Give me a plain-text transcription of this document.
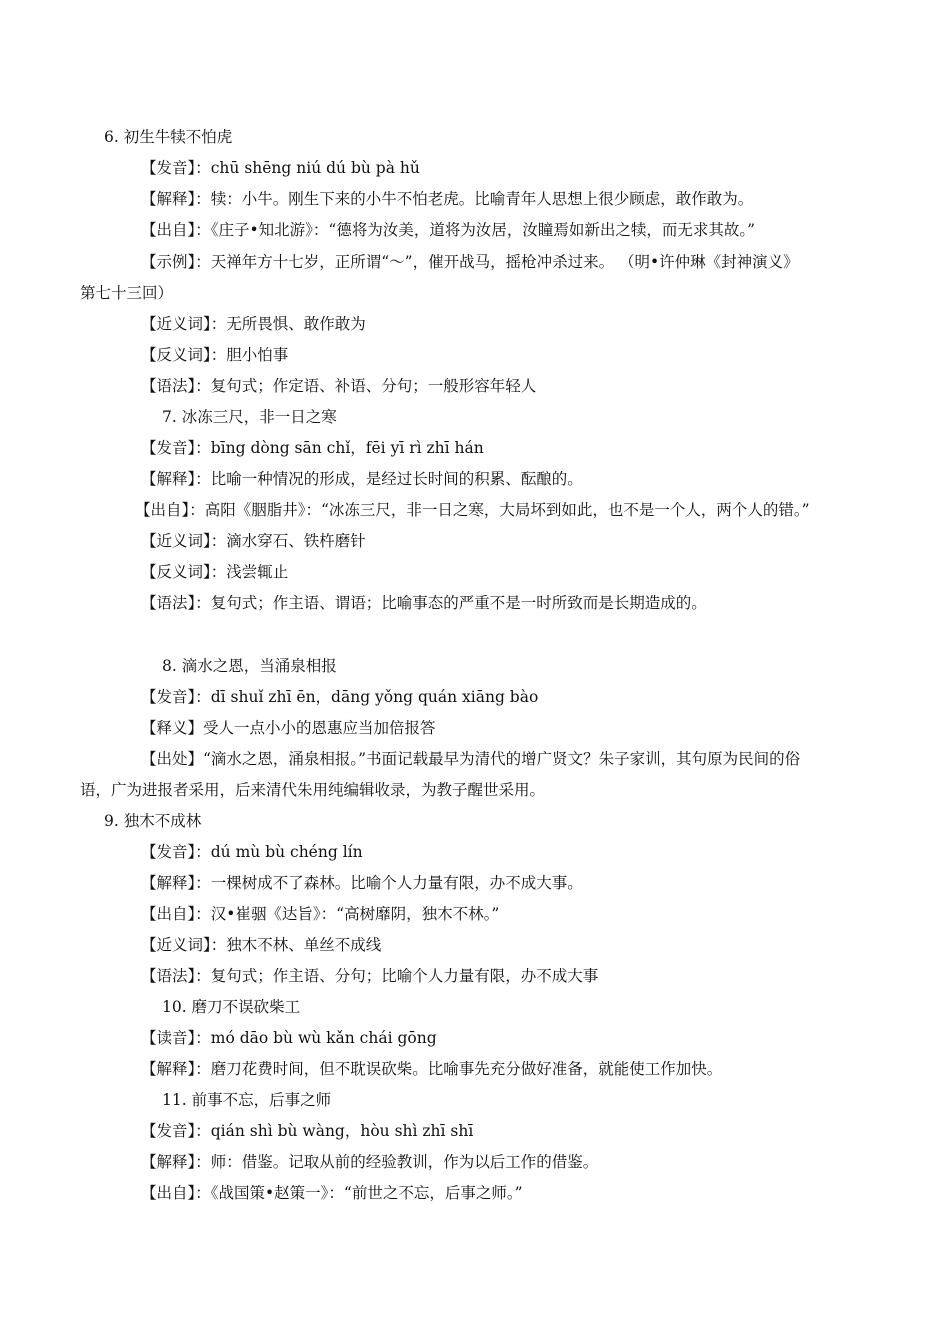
6. 初生牛犊不怕虎
【发音】：chū shēng niú dú bù pà hǔ
【解释】：犊：小牛。刚生下来的小牛不怕老虎。比喻青年人思想上很少顾虑，敢作敢为。
【出自】：《庄子•知北游》：“德将为汝美，道将为汝居，汝瞳焉如新出之犊，而无求其故。”
【示例】：天禅年方十七岁，正所谓“～”，催开战马，摇枪冲杀过来。 （明•许仲琳《封神演义》
第七十三回）
【近义词】：无所畏惧、敢作敢为
【反义词】：胆小怕事
【语法】：复句式；作定语、补语、分句；一般形容年轻人
7. 冰冻三尺，非一日之寒
【发音】：bīng dòng sān chǐ，fēi yī rì zhī hán
【解释】：比喻一种情况的形成，是经过长时间的积累、酝酿的。
【出自】：高阳《胭脂井》：“冰冻三尺，非一日之寒，大局坏到如此，也不是一个人，两个人的错。”
【近义词】：滴水穿石、铁杵磨针
【反义词】：浅尝辄止
【语法】：复句式；作主语、谓语；比喻事态的严重不是一时所致而是长期造成的。
8. 滴水之恩，当涌泉相报
【发音】：dī shuǐ zhī ēn，dāng yǒng quán xiāng bào
【释义】受人一点小小的恩惠应当加倍报答
【出处】“滴水之恩，涌泉相报。”书面记载最早为清代的增广贤文？朱子家训，其句原为民间的俗
语，广为进报者采用，后来清代朱用纯编辑收录，为教子醒世采用。
9. 独木不成林
【发音】：dú mù bù chéng lín
【解释】：一棵树成不了森林。比喻个人力量有限，办不成大事。
【出自】：汉•崔骃《达旨》：“高树靡阴，独木不林。”
【近义词】：独木不林、单丝不成线
【语法】：复句式；作主语、分句；比喻个人力量有限，办不成大事
10. 磨刀不误砍柴工
【读音】：mó dāo bù wù kǎn chái gōng
【解释】：磨刀花费时间，但不耽误砍柴。比喻事先充分做好准备，就能使工作加快。
11. 前事不忘，后事之师
【发音】：qián shì bù wàng，hòu shì zhī shī
【解释】：师：借鉴。记取从前的经验教训，作为以后工作的借鉴。
【出自】：《战国策•赵策一》：“前世之不忘，后事之师。”
